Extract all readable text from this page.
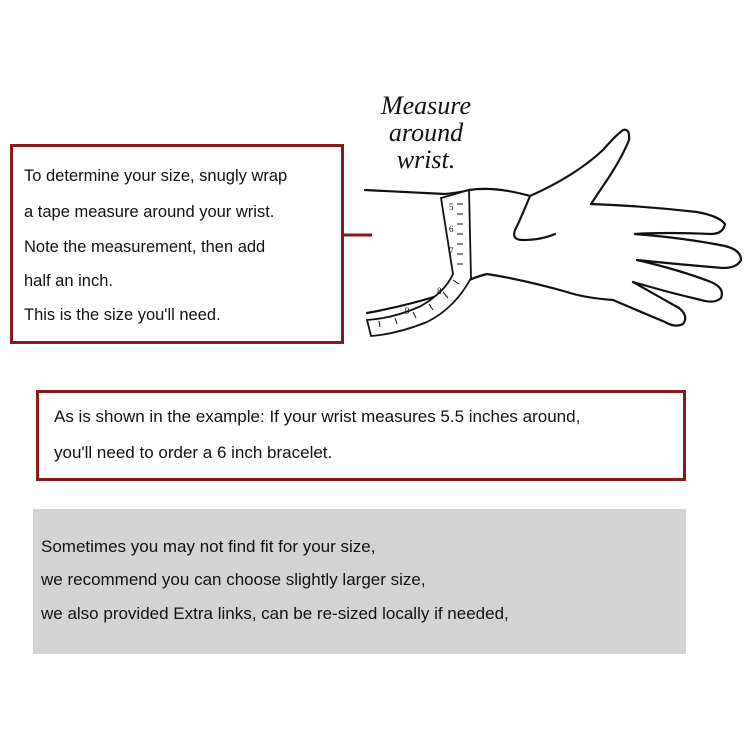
To determine your size, snugly wrap
a tape measure around your wrist.
Note the measurement, then add
half an inch.
This is the size you'll need.
Measure
around
wrist.
5
6
7
8
9
As is shown in the example: If your wrist measures 5.5 inches around,
you'll need to order a 6 inch bracelet.
Sometimes you may not find fit for your size,
we recommend you can choose slightly larger size,
we also provided Extra links, can be re-sized locally if needed,
